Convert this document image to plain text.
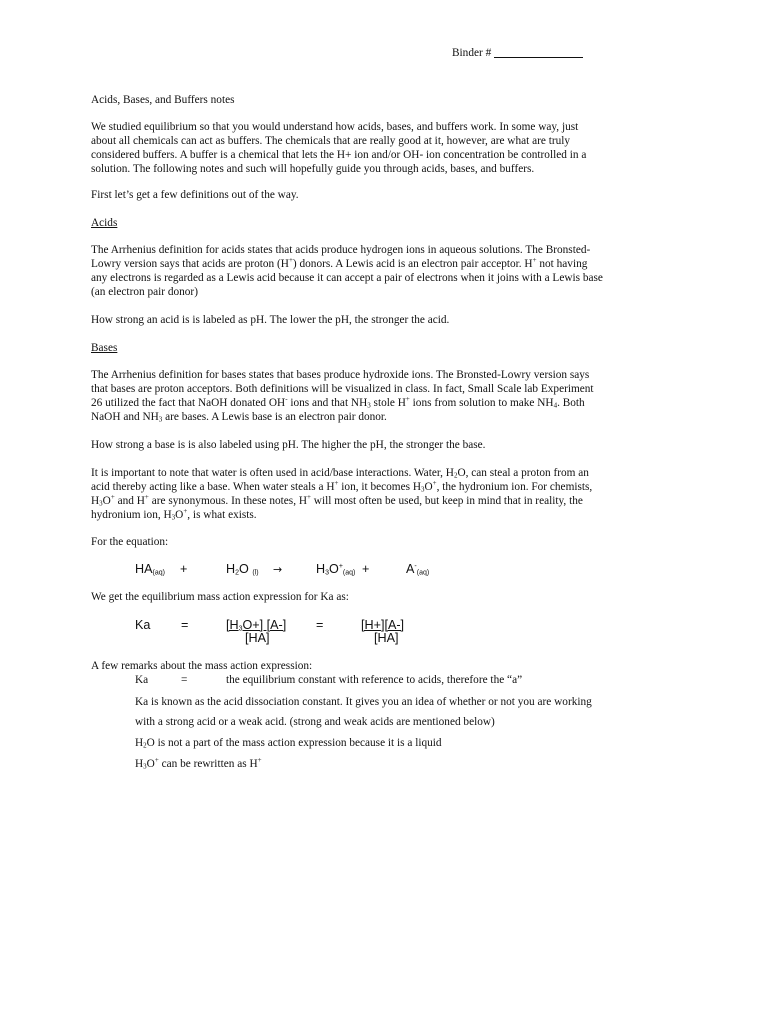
Binder #
Acids, Bases, and Buffers notes
We studied equilibrium so that you would understand how acids, bases, and buffers work. In some way, just
about all chemicals can act as buffers. The chemicals that are really good at it, however, are what are truly
considered buffers. A buffer is a chemical that lets the H+ ion and/or OH- ion concentration be controlled in a
solution. The following notes and such will hopefully guide you through acids, bases, and buffers.
First let’s get a few definitions out of the way.
Acids
The Arrhenius definition for acids states that acids produce hydrogen ions in aqueous solutions. The Bronsted-
Lowry version says that acids are proton (H+) donors. A Lewis acid is an electron pair acceptor. H+ not having
any electrons is regarded as a Lewis acid because it can accept a pair of electrons when it joins with a Lewis base
(an electron pair donor)
How strong an acid is is labeled as pH. The lower the pH, the stronger the acid.
Bases
The Arrhenius definition for bases states that bases produce hydroxide ions. The Bronsted-Lowry version says
that bases are proton acceptors. Both definitions will be visualized in class. In fact, Small Scale lab Experiment
26 utilized the fact that NaOH donated OH- ions and that $NH_3$ stole H+ ions from solution to make $NH_4$. Both
NaOH and $NH_3$ are bases. A Lewis base is an electron pair donor.
How strong a base is is also labeled using pH. The higher the pH, the stronger the base.
It is important to note that water is often used in acid/base interactions. Water, $H_2O$, can steal a proton from an
acid thereby acting like a base. When water steals a H+ ion, it becomes $H_3O^+$, the hydronium ion. For chemists,
$H_3O^+$ and H+ are synonymous. In these notes, H+ will most often be used, but keep in mind that in reality, the
hydronium ion, $H_3O^+$, is what exists.
For the equation:
$HA_{(aq)}$ +	$H_2O$ $_{(l)}$ →	$H_3O^+_{(aq)}$ +	$A^-_{(aq)}$
We get the equilibrium mass action expression for Ka as:
Ka =	$[H_3O+]$ [A-]
[HA]
=	[H+][A-]
[HA]
A few remarks about the mass action expression:
Ka	=	the equilibrium constant with reference to acids, therefore the “a”
Ka is known as the acid dissociation constant. It gives you an idea of whether or not you are working
with a strong acid or a weak acid. (strong and weak acids are mentioned below)
$H_2O$ is not a part of the mass action expression because it is a liquid
$H_3O^+$ can be rewritten as H+
